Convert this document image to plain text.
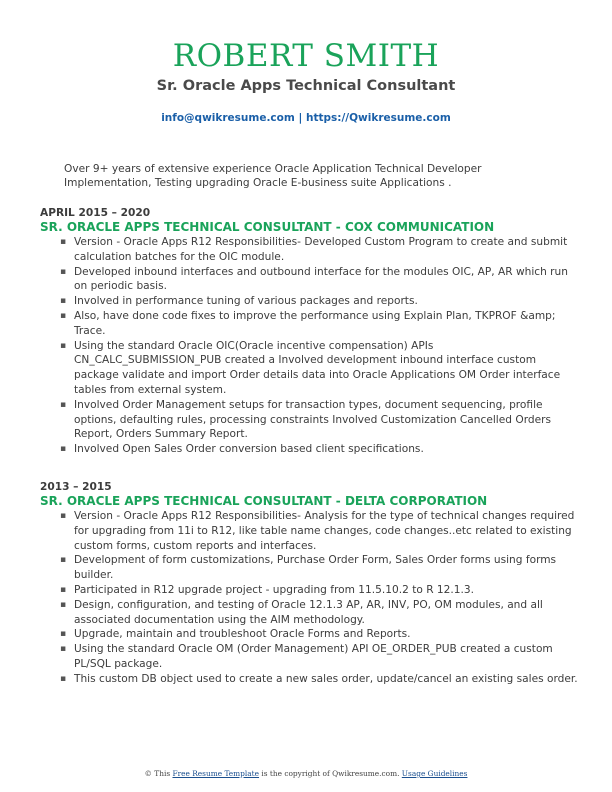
ROBERT SMITH
Sr. Oracle Apps Technical Consultant
info@qwikresume.com | https://Qwikresume.com
Over 9+ years of extensive experience Oracle Application Technical Developer Implementation, Testing upgrading Oracle E-business suite Applications .
APRIL 2015 – 2020
SR. ORACLE APPS TECHNICAL CONSULTANT - COX COMMUNICATION
▪ Version - Oracle Apps R12 Responsibilities- Developed Custom Program to create and submit calculation batches for the OIC module.
▪ Developed inbound interfaces and outbound interface for the modules OIC, AP, AR which run on periodic basis.
▪ Involved in performance tuning of various packages and reports.
▪ Also, have done code fixes to improve the performance using Explain Plan, TKPROF &amp; Trace.
▪ Using the standard Oracle OIC(Oracle incentive compensation) APIs CN_CALC_SUBMISSION_PUB created a Involved development inbound interface custom package validate and import Order details data into Oracle Applications OM Order interface tables from external system.
▪ Involved Order Management setups for transaction types, document sequencing, profile options, defaulting rules, processing constraints Involved Customization Cancelled Orders Report, Orders Summary Report.
▪ Involved Open Sales Order conversion based client specifications.
2013 – 2015
SR. ORACLE APPS TECHNICAL CONSULTANT - DELTA CORPORATION
▪ Version - Oracle Apps R12 Responsibilities- Analysis for the type of technical changes required for upgrading from 11i to R12, like table name changes, code changes..etc related to existing custom forms, custom reports and interfaces.
▪ Development of form customizations, Purchase Order Form, Sales Order forms using forms builder.
▪ Participated in R12 upgrade project - upgrading from 11.5.10.2 to R 12.1.3.
▪ Design, configuration, and testing of Oracle 12.1.3 AP, AR, INV, PO, OM modules, and all associated documentation using the AIM methodology.
▪ Upgrade, maintain and troubleshoot Oracle Forms and Reports.
▪ Using the standard Oracle OM (Order Management) API OE_ORDER_PUB created a custom PL/SQL package.
▪ This custom DB object used to create a new sales order, update/cancel an existing sales order.
© This Free Resume Template is the copyright of Qwikresume.com. Usage Guidelines
